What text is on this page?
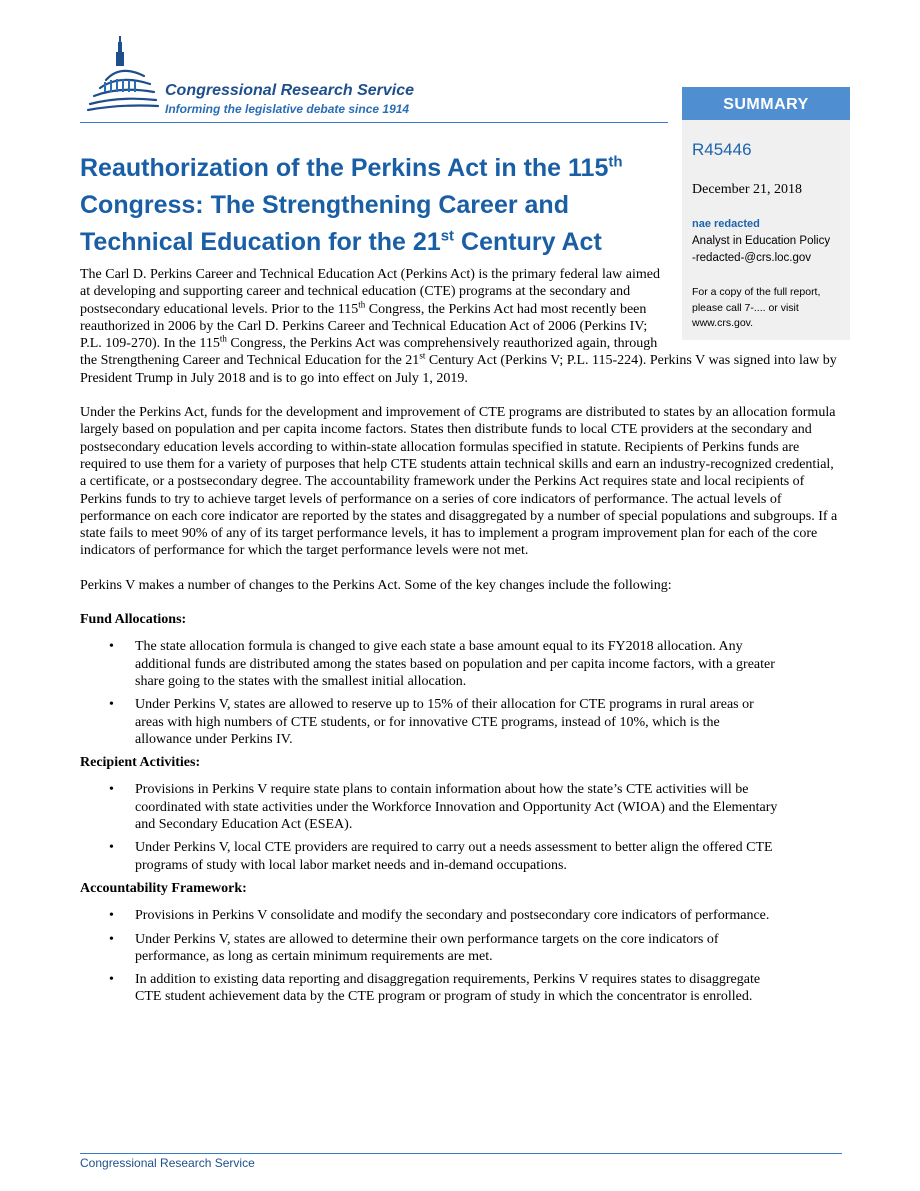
Congressional Research Service
Informing the legislative debate since 1914	SUMMARY
R45446
December 21, 2018
nae redacted
Analyst in Education Policy
-redacted-@crs.loc.gov
For a copy of the full report, please call 7-.... or visit www.crs.gov.
Reauthorization of the Perkins Act in the 115th Congress: The Strengthening Career and Technical Education for the 21st Century Act

The Carl D. Perkins Career and Technical Education Act (Perkins Act) is the primary federal law aimed at developing and supporting career and technical education (CTE) programs at the secondary and postsecondary educational levels. Prior to the 115th Congress, the Perkins Act had most recently been reauthorized in 2006 by the Carl D. Perkins Career and Technical Education Act of 2006 (Perkins IV; P.L. 109-270). In the 115th Congress, the Perkins Act was comprehensively reauthorized again, through the Strengthening Career and Technical Education for the 21st Century Act (Perkins V; P.L. 115-224). Perkins V was signed into law by President Trump in July 2018 and is to go into effect on July 1, 2019.

Under the Perkins Act, funds for the development and improvement of CTE programs are distributed to states by an allocation formula largely based on population and per capita income factors. States then distribute funds to local CTE providers at the secondary and postsecondary education levels according to within-state allocation formulas specified in statute. Recipients of Perkins funds are required to use them for a variety of purposes that help CTE students attain technical skills and earn an industry-recognized credential, a certificate, or a postsecondary degree. The accountability framework under the Perkins Act requires state and local recipients of Perkins funds to try to achieve target levels of performance on a series of core indicators of performance. The actual levels of performance on each core indicator are reported by the states and disaggregated by a number of special populations and subgroups. If a state fails to meet 90% of any of its target performance levels, it has to implement a program improvement plan for each of the core indicators of performance for which the target performance levels were not met.

Perkins V makes a number of changes to the Perkins Act. Some of the key changes include the following:

Fund Allocations:
• The state allocation formula is changed to give each state a base amount equal to its FY2018 allocation. Any additional funds are distributed among the states based on population and per capita income factors, with a greater share going to the states with the smallest initial allocation.
• Under Perkins V, states are allowed to reserve up to 15% of their allocation for CTE programs in rural areas or areas with high numbers of CTE students, or for innovative CTE programs, instead of 10%, which is the allowance under Perkins IV.
Recipient Activities:
• Provisions in Perkins V require state plans to contain information about how the state’s CTE activities will be coordinated with state activities under the Workforce Innovation and Opportunity Act (WIOA) and the Elementary and Secondary Education Act (ESEA).
• Under Perkins V, local CTE providers are required to carry out a needs assessment to better align the offered CTE programs of study with local labor market needs and in-demand occupations.
Accountability Framework:
• Provisions in Perkins V consolidate and modify the secondary and postsecondary core indicators of performance.
• Under Perkins V, states are allowed to determine their own performance targets on the core indicators of performance, as long as certain minimum requirements are met.
• In addition to existing data reporting and disaggregation requirements, Perkins V requires states to disaggregate CTE student achievement data by the CTE program or program of study in which the concentrator is enrolled.
Congressional Research Service
